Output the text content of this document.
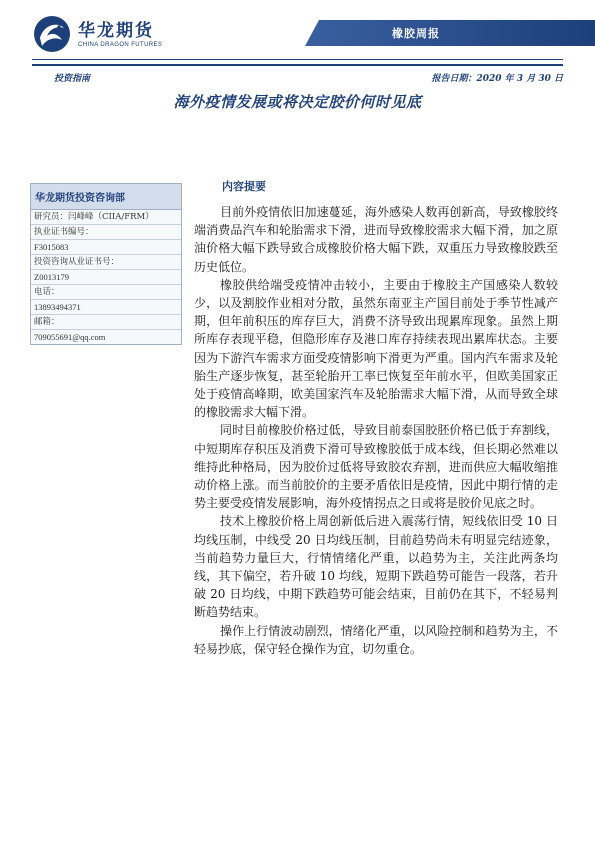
华龙期货
CHINA DRAGON FUTURES
橡胶周报
投资指南	报告日期：2020 年 3 月 30 日
海外疫情发展或将决定胶价何时见底
华龙期货投资咨询部
研究员：闫峰峰（CIIA/FRM）
执业证书编号：
F3015083
投资咨询从业证书号：
Z0013179
电话：
13893494371
邮箱：
709055691@qq.com
内容提要

目前外疫情依旧加速蔓延，海外感染人数再创新高，导致橡胶终端消费品汽车和轮胎需求下滑，进而导致橡胶需求大幅下滑，加之原油价格大幅下跌导致合成橡胶价格大幅下跌，双重压力导致橡胶跌至历史低位。

橡胶供给端受疫情冲击较小，主要由于橡胶主产国感染人数较少，以及割胶作业相对分散，虽然东南亚主产国目前处于季节性减产期，但年前积压的库存巨大，消费不济导致出现累库现象。虽然上期所库存表现平稳，但隐形库存及港口库存持续表现出累库状态。主要因为下游汽车需求方面受疫情影响下滑更为严重。国内汽车需求及轮胎生产逐步恢复，甚至轮胎开工率已恢复至年前水平，但欧美国家正处于疫情高峰期，欧美国家汽车及轮胎需求大幅下滑，从而导致全球的橡胶需求大幅下滑。

同时目前橡胶价格过低，导致目前泰国胶胚价格已低于弃割线，中短期库存积压及消费下滑可导致橡胶低于成本线，但长期必然难以维持此种格局，因为胶价过低将导致胶农弃割，进而供应大幅收缩推动价格上涨。而当前胶价的主要矛盾依旧是疫情，因此中期行情的走势主要受疫情发展影响，海外疫情拐点之日或将是胶价见底之时。

技术上橡胶价格上周创新低后进入震荡行情，短线依旧受 10 日均线压制，中线受 20 日均线压制，目前趋势尚未有明显完结迹象，当前趋势力量巨大，行情情绪化严重，以趋势为主，关注此两条均线，其下偏空，若升破 10 均线，短期下跌趋势可能告一段落，若升破 20 日均线，中期下跌趋势可能会结束，目前仍在其下，不轻易判断趋势结束。

操作上行情波动剧烈，情绪化严重，以风险控制和趋势为主，不轻易抄底，保守轻仓操作为宜，切勿重仓。
